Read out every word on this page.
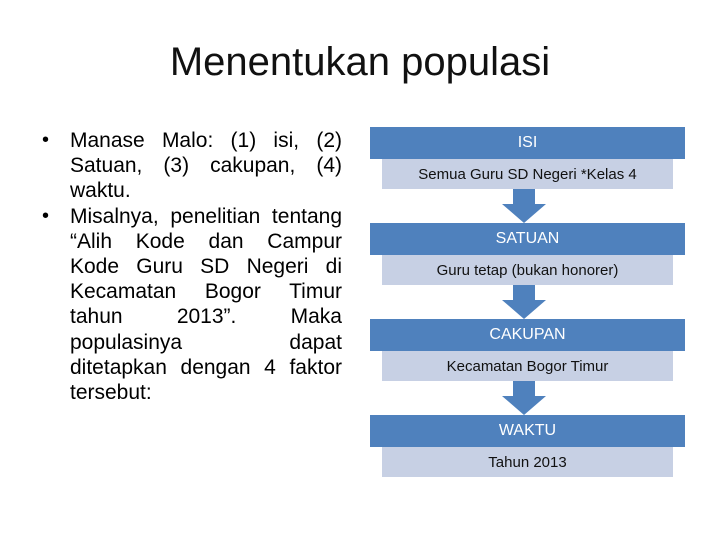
Menentukan populasi
• Manase Malo: (1) isi, (2) Satuan, (3) cakupan, (4) waktu.
• Misalnya, penelitian tentang “Alih Kode dan Campur Kode Guru SD Negeri di Kecamatan Bogor Timur tahun 2013”. Maka populasinya dapat ditetapkan dengan 4 faktor tersebut:
ISI
Semua Guru SD Negeri *Kelas 4
SATUAN
Guru tetap (bukan honorer)
CAKUPAN
Kecamatan Bogor Timur
WAKTU
Tahun 2013
